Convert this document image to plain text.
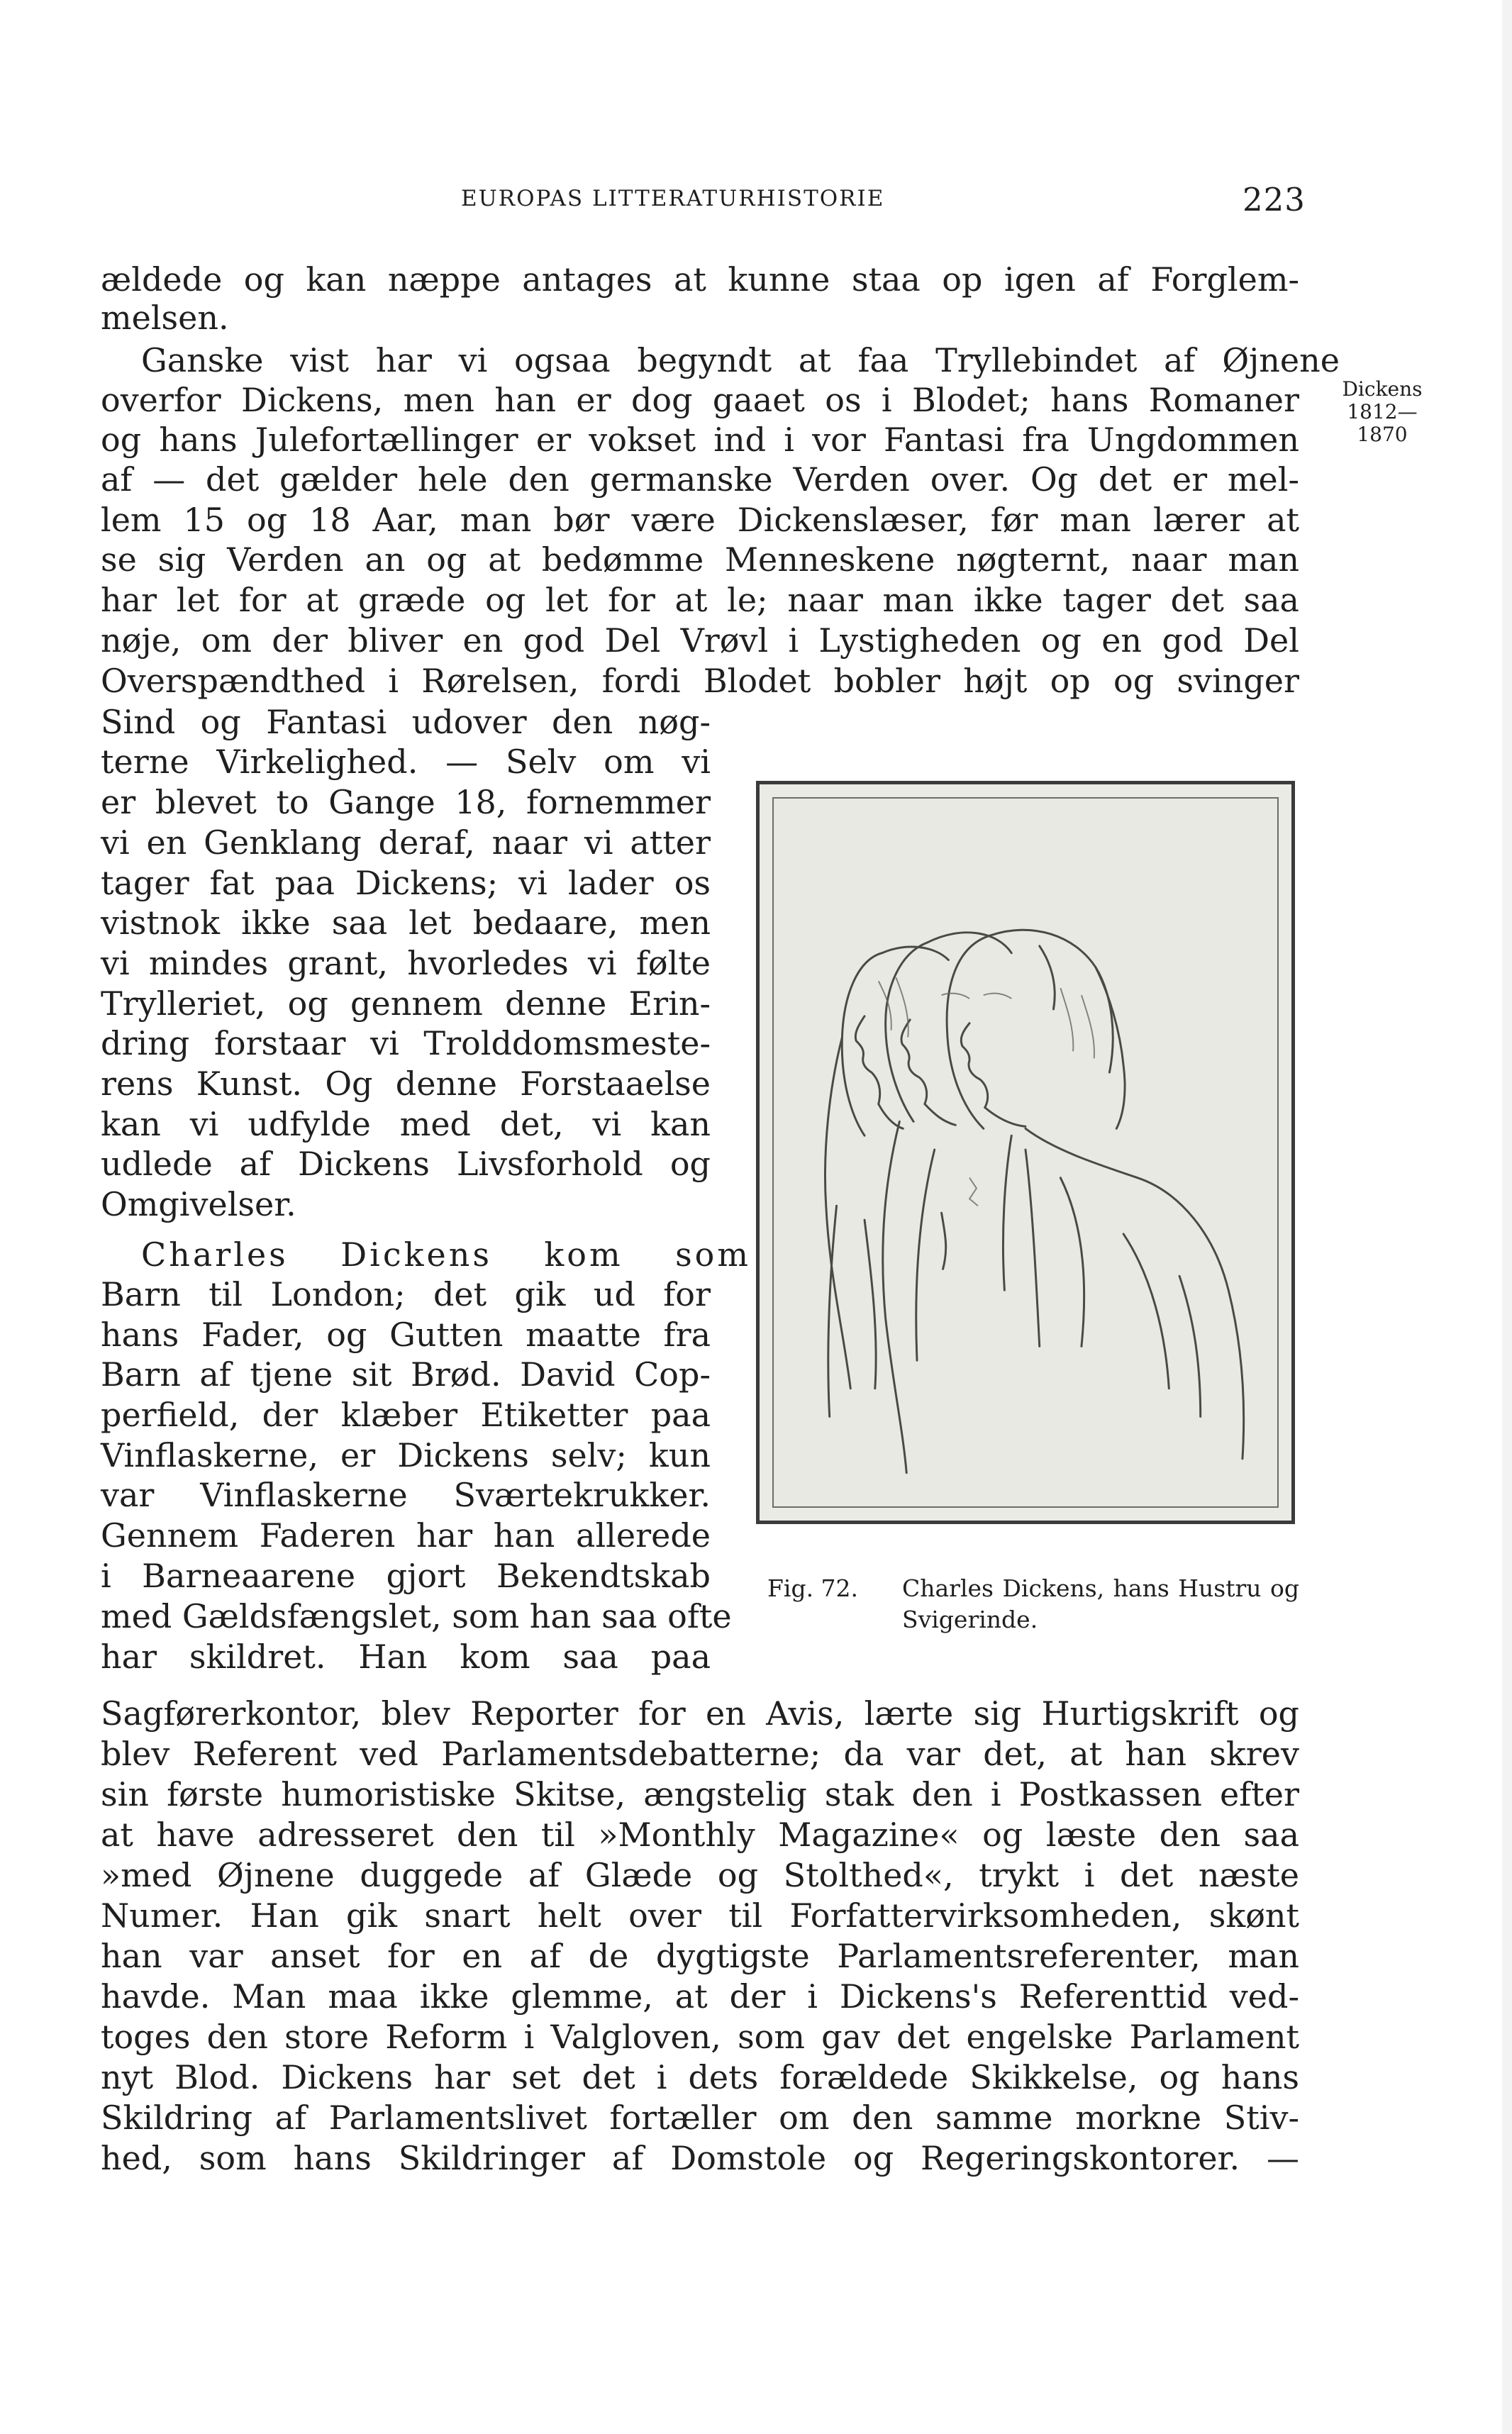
EUROPAS LITTERATURHISTORIE	223
Dickens
1812—1870
ældede og kan næppe antages at kunne staa op igen af Forglem-
melsen.
Ganske vist har vi ogsaa begyndt at faa Tryllebindet af Øjnene
overfor Dickens, men han er dog gaaet os i Blodet; hans Romaner
og hans Julefortællinger er vokset ind i vor Fantasi fra Ungdommen
af — det gælder hele den germanske Verden over. Og det er mel-
lem 15 og 18 Aar, man bør være Dickenslæser, før man lærer at
se sig Verden an og at bedømme Menneskene nøgternt, naar man
har let for at græde og let for at le; naar man ikke tager det saa
nøje, om der bliver en god Del Vrøvl i Lystigheden og en god Del
Overspændthed i Rørelsen, fordi Blodet bobler højt op og svinger
Sind og Fantasi udover den nøg-
terne Virkelighed. — Selv om vi
er blevet to Gange 18, fornemmer
vi en Genklang deraf, naar vi atter
tager fat paa Dickens; vi lader os
vistnok ikke saa let bedaare, men
vi mindes grant, hvorledes vi følte
Trylleriet, og gennem denne Erin-
dring forstaar vi Trolddomsmeste-
rens Kunst. Og denne Forstaaelse
kan vi udfylde med det, vi kan
udlede af Dickens Livsforhold og
Omgivelser.
Charles Dickens kom som
Barn til London; det gik ud for
hans Fader, og Gutten maatte fra
Barn af tjene sit Brød. David Cop-
perfield, der klæber Etiketter paa
Vinflaskerne, er Dickens selv; kun
var Vinflaskerne Sværtekrukker.
Gennem Faderen har han allerede
i Barneaarene gjort Bekendtskab
med Gældsfængslet, som han saa ofte
har skildret. Han kom saa paa
Sagførerkontor, blev Reporter for en Avis, lærte sig Hurtigskrift og
blev Referent ved Parlamentsdebatterne; da var det, at han skrev
sin første humoristiske Skitse, ængstelig stak den i Postkassen efter
at have adresseret den til »Monthly Magazine« og læste den saa
»med Øjnene duggede af Glæde og Stolthed«, trykt i det næste
Numer. Han gik snart helt over til Forfattervirksomheden, skønt
han var anset for en af de dygtigste Parlamentsreferenter, man
havde. Man maa ikke glemme, at der i Dickens's Referenttid ved-
toges den store Reform i Valgloven, som gav det engelske Parlament
nyt Blod. Dickens har set det i dets forældede Skikkelse, og hans
Skildring af Parlamentslivet fortæller om den samme morkne Stiv-
hed, som hans Skildringer af Domstole og Regeringskontorer. —
Fig. 72. Charles Dickens, hans Hustru og Svigerinde.
